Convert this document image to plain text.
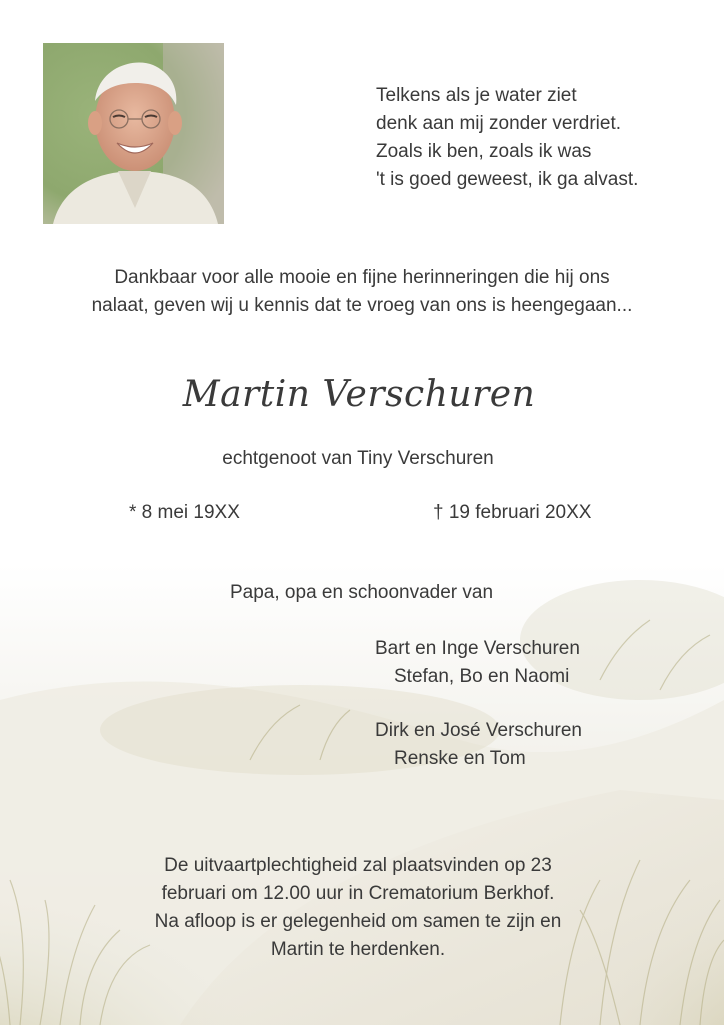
Telkens als je water ziet
denk aan mij zonder verdriet.
Zoals ik ben, zoals ik was
't is goed geweest, ik ga alvast.
Dankbaar voor alle mooie en fijne herinneringen die hij ons
nalaat, geven wij u kennis dat te vroeg van ons is heengegaan...
Martin Verschuren
echtgenoot van Tiny Verschuren
* 8 mei 19XX	† 19 februari 20XX
Papa, opa en schoonvader van
Bart en Inge Verschuren
Stefan, Bo en Naomi
Dirk en José Verschuren
Renske en Tom
De uitvaartplechtigheid zal plaatsvinden op 23
februari om 12.00 uur in Crematorium Berkhof.
Na afloop is er gelegenheid om samen te zijn en
Martin te herdenken.
